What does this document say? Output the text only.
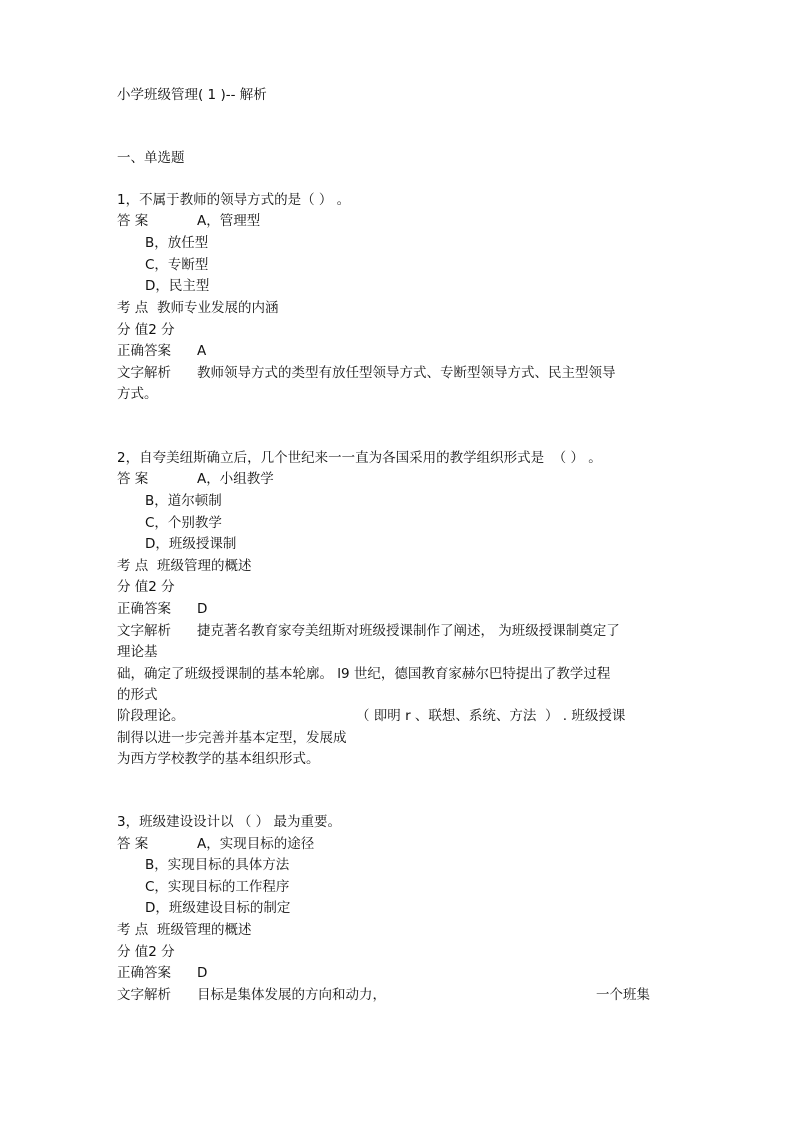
小学班级管理( 1 )-- 解析
一、单选题
1，不属于教师的领导方式的是（ ） 。
答 案	A，管理型
B，放任型
C，专断型
D，民主型
考 点 教师专业发展的内涵
分 值2 分
正确答案 A
文字解析 教师领导方式的类型有放任型领导方式、专断型领导方式、民主型领导
方式。
2，自夸美纽斯确立后，几个世纪来一一直为各国采用的教学组织形式是  （ ） 。
答 案	A，小组教学
B，道尔顿制
C，个别教学
D，班级授课制
考 点 班级管理的概述
分 值2 分
正确答案 D
文字解析 捷克著名教育家夸美纽斯对班级授课制作了阐述， 为班级授课制奠定了
理论基
础，确定了班级授课制的基本轮廓。 l9 世纪，德国教育家赫尔巴特提出了教学过程
的形式
阶段理论。	（ 即明 r 、联想、系统、方法  ） . 班级授课
制得以进一步完善并基本定型，发展成
为西方学校教学的基本组织形式。
3，班级建设设计以 （ ） 最为重要。
答 案	A，实现目标的途径
B，实现目标的具体方法
C，实现目标的工作程序
D，班级建设目标的制定
考 点 班级管理的概述
分 值2 分
正确答案 D
文字解析 目标是集体发展的方向和动力，	一个班集
